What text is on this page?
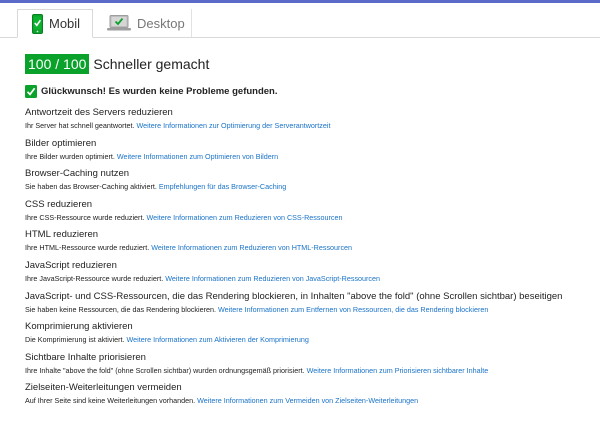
Mobil	Desktop
100 / 100 Schneller gemacht
Glückwunsch! Es wurden keine Probleme gefunden.
Antwortzeit des Servers reduzieren
Ihr Server hat schnell geantwortet. Weitere Informationen zur Optimierung der Serverantwortzeit
Bilder optimieren
Ihre Bilder wurden optimiert. Weitere Informationen zum Optimieren von Bildern
Browser-Caching nutzen
Sie haben das Browser-Caching aktiviert. Empfehlungen für das Browser-Caching
CSS reduzieren
Ihre CSS-Ressource wurde reduziert. Weitere Informationen zum Reduzieren von CSS-Ressourcen
HTML reduzieren
Ihre HTML-Ressource wurde reduziert. Weitere Informationen zum Reduzieren von HTML-Ressourcen
JavaScript reduzieren
Ihre JavaScript-Ressource wurde reduziert. Weitere Informationen zum Reduzieren von JavaScript-Ressourcen
JavaScript- und CSS-Ressourcen, die das Rendering blockieren, in Inhalten "above the fold" (ohne Scrollen sichtbar) beseitigen
Sie haben keine Ressourcen, die das Rendering blockieren. Weitere Informationen zum Entfernen von Ressourcen, die das Rendering blockieren
Komprimierung aktivieren
Die Komprimierung ist aktiviert. Weitere Informationen zum Aktivieren der Komprimierung
Sichtbare Inhalte priorisieren
Ihre Inhalte "above the fold" (ohne Scrollen sichtbar) wurden ordnungsgemäß priorisiert. Weitere Informationen zum Priorisieren sichtbarer Inhalte
Zielseiten-Weiterleitungen vermeiden
Auf Ihrer Seite sind keine Weiterleitungen vorhanden. Weitere Informationen zum Vermeiden von Zielseiten-Weiterleitungen
